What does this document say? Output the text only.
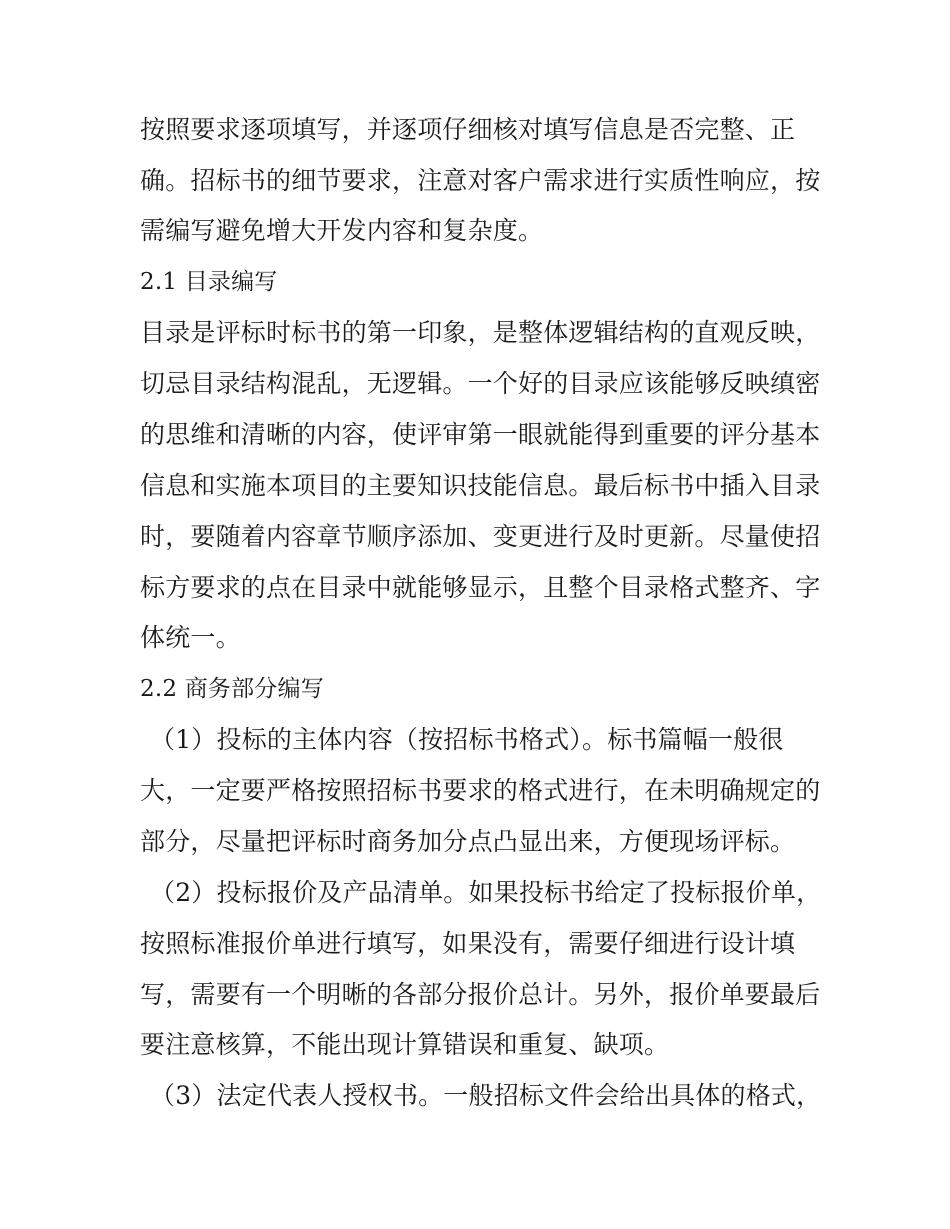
按照要求逐项填写，并逐项仔细核对填写信息是否完整、正
确。招标书的细节要求，注意对客户需求进行实质性响应，按
需编写避免增大开发内容和复杂度。
2.1 目录编写
目录是评标时标书的第一印象，是整体逻辑结构的直观反映，
切忌目录结构混乱，无逻辑。一个好的目录应该能够反映缜密
的思维和清晰的内容，使评审第一眼就能得到重要的评分基本
信息和实施本项目的主要知识技能信息。最后标书中插入目录
时，要随着内容章节顺序添加、变更进行及时更新。尽量使招
标方要求的点在目录中就能够显示，且整个目录格式整齐、字
体统一。
2.2 商务部分编写
（1）投标的主体内容（按招标书格式）。标书篇幅一般很
大，一定要严格按照招标书要求的格式进行，在未明确规定的
部分，尽量把评标时商务加分点凸显出来，方便现场评标。
（2）投标报价及产品清单。如果投标书给定了投标报价单，
按照标准报价单进行填写，如果没有，需要仔细进行设计填
写，需要有一个明晰的各部分报价总计。另外，报价单要最后
要注意核算，不能出现计算错误和重复、缺项。
（3）法定代表人授权书。一般招标文件会给出具体的格式，
